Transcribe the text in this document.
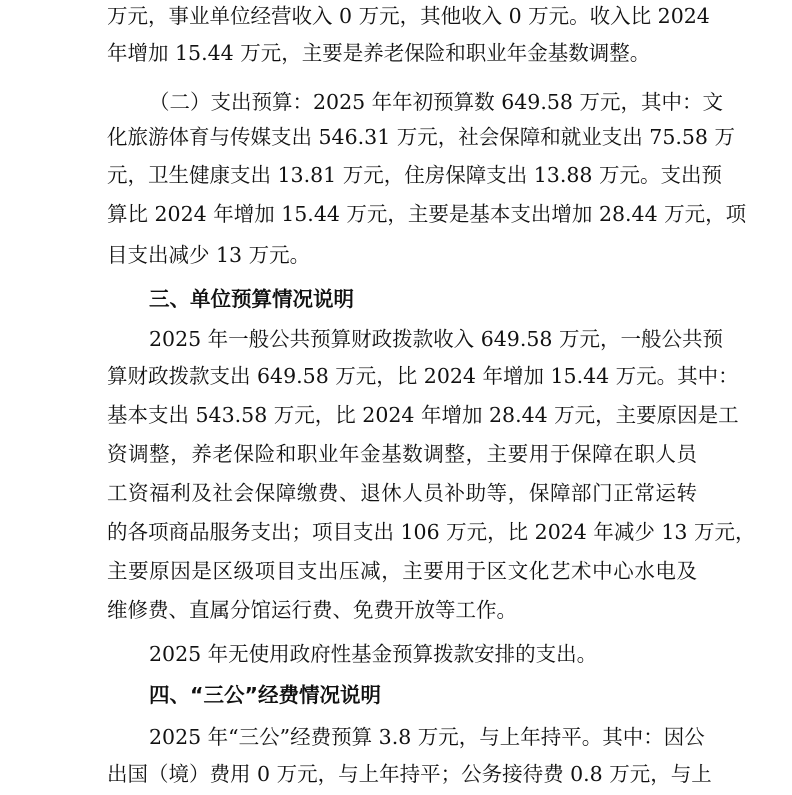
万元，事业单位经营收入 0 万元，其他收入 0 万元。收入比 2024
年增加 15.44 万元，主要是养老保险和职业年金基数调整。
（二）支出预算：2025 年年初预算数 649.58 万元，其中：文
化旅游体育与传媒支出 546.31 万元，社会保障和就业支出 75.58 万
元，卫生健康支出 13.81 万元，住房保障支出 13.88 万元。支出预
算比 2024 年增加 15.44 万元，主要是基本支出增加 28.44 万元，项
目支出减少 13 万元。
三、单位预算情况说明
2025 年一般公共预算财政拨款收入 649.58 万元，一般公共预
算财政拨款支出 649.58 万元，比 2024 年增加 15.44 万元。其中：
基本支出 543.58 万元，比 2024 年增加 28.44 万元，主要原因是工
资调整，养老保险和职业年金基数调整，主要用于保障在职人员
工资福利及社会保障缴费、退休人员补助等，保障部门正常运转
的各项商品服务支出；项目支出 106 万元，比 2024 年减少 13 万元，
主要原因是区级项目支出压减，主要用于区文化艺术中心水电及
维修费、直属分馆运行费、免费开放等工作。
2025 年无使用政府性基金预算拨款安排的支出。
四、“三公”经费情况说明
2025 年“三公”经费预算 3.8 万元，与上年持平。其中：因公
出国（境）费用 0 万元，与上年持平；公务接待费 0.8 万元，与上
